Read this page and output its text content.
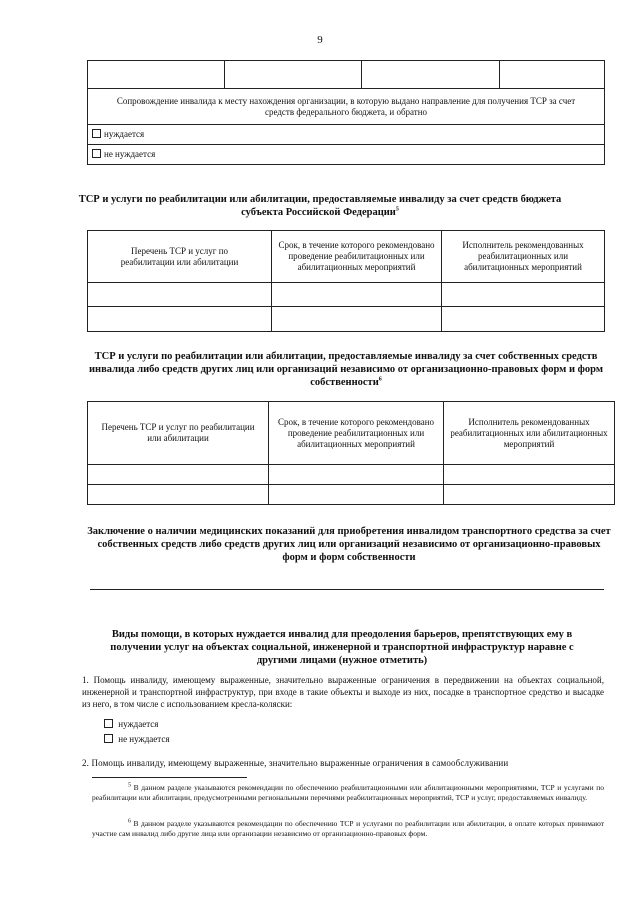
9

Сопровождение инвалида к месту нахождения организации, в которую выдано направление для получения ТСР за счет средств федерального бюджета, и обратно
нуждается
не нуждается
ТСР и услуги по реабилитации или абилитации, предоставляемые инвалиду за счет средств бюджета субъекта Российской Федерации$^5$
Перечень ТСР и услуг по реабилитации или абилитации	Срок, в течение которого рекомендовано проведение реабилитационных или абилитационных мероприятий	Исполнитель рекомендованных реабилитационных или абилитационных мероприятий

ТСР и услуги по реабилитации или абилитации, предоставляемые инвалиду за счет собственных средств инвалида либо средств других лиц или организаций независимо от организационно-правовых форм и форм собственности$^6$
Перечень ТСР и услуг по реабилитации или абилитации	Срок, в течение которого рекомендовано проведение реабилитационных или абилитационных мероприятий	Исполнитель рекомендованных реабилитационных или абилитационных мероприятий

Заключение о наличии медицинских показаний для приобретения инвалидом транспортного средства за счет собственных средств либо средств других лиц или организаций независимо от организационно-правовых форм и форм собственности
Виды помощи, в которых нуждается инвалид для преодоления барьеров, препятствующих ему в получении услуг на объектах социальной, инженерной и транспортной инфраструктур наравне с другими лицами (нужное отметить)
1. Помощь инвалиду, имеющему выраженные, значительно выраженные ограничения в передвижении на объектах социальной, инженерной и транспортной инфраструктур, при входе в такие объекты и выходе из них, посадке в транспортное средство и высадке из него, в том числе с использованием кресла-коляски:
нуждается
не нуждается
2. Помощь инвалиду, имеющему выраженные, значительно выраженные ограничения в самообслуживании
$^5$ В данном разделе указываются рекомендации по обеспечению реабилитационными или абилитационными мероприятиями, ТСР и услугами по реабилитации или абилитации, предусмотренными региональными перечнями реабилитационных мероприятий, ТСР и услуг, предоставляемых инвалиду.
$^6$ В данном разделе указываются рекомендации по обеспечению ТСР и услугами по реабилитации или абилитации, в оплате которых принимают участие сам инвалид либо другие лица или организации независимо от организационно-правовых форм.
